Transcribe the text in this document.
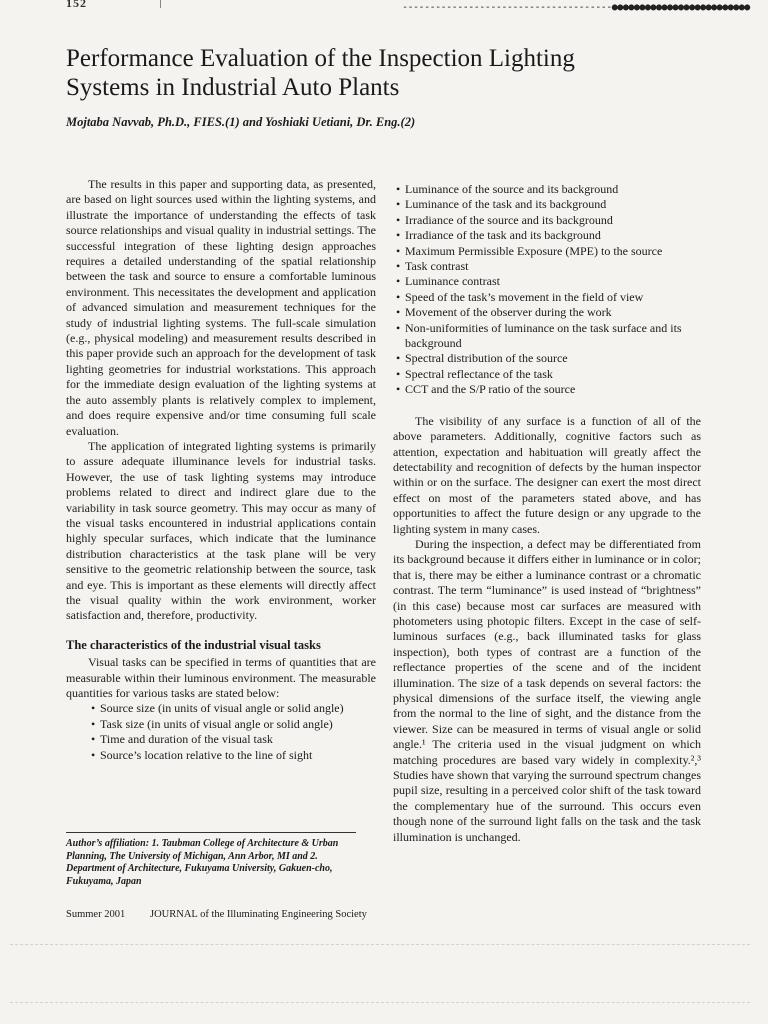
152	--------------------------------------●●●●●●●●●●●●●●●●●●●●●●●●●
Performance Evaluation of the Inspection Lighting
Systems in Industrial Auto Plants

Mojtaba Navvab, Ph.D., FIES.(1) and Yoshiaki Uetiani, Dr. Eng.(2)

The results in this paper and supporting data, as presented, are based on light sources used within the lighting systems, and illustrate the importance of understanding the effects of task source relationships and visual quality in industrial settings. The successful integration of these lighting design approaches requires a detailed understanding of the spatial relationship between the task and source to ensure a comfortable luminous environment. This necessitates the development and application of advanced simulation and measurement techniques for the study of industrial lighting systems. The full-scale simulation (e.g., physical modeling) and measurement results described in this paper provide such an approach for the development of task lighting geometries for industrial workstations. This approach for the immediate design evaluation of the lighting systems at the auto assembly plants is relatively complex to implement, and does require expensive and/or time consuming full scale evaluation.

The application of integrated lighting systems is primarily to assure adequate illuminance levels for industrial tasks. However, the use of task lighting systems may introduce problems related to direct and indirect glare due to the variability in task source geometry. This may occur as many of the visual tasks encountered in industrial applications contain highly specular surfaces, which indicate that the luminance distribution characteristics at the task plane will be very sensitive to the geometric relationship between the source, task and eye. This is important as these elements will directly affect the visual quality within the work environment, worker satisfaction and, therefore, productivity.

The characteristics of the industrial visual tasks

Visual tasks can be specified in terms of quantities that are measurable within their luminous environment. The measurable quantities for various tasks are stated below:

• Source size (in units of visual angle or solid angle)
• Task size (in units of visual angle or solid angle)
• Time and duration of the visual task
• Source’s location relative to the line of sight
• Luminance of the source and its background
• Luminance of the task and its background
• Irradiance of the source and its background
• Irradiance of the task and its background
• Maximum Permissible Exposure (MPE) to the source
• Task contrast
• Luminance contrast
• Speed of the task’s movement in the field of view
• Movement of the observer during the work
• Non-uniformities of luminance on the task surface and its background
• Spectral distribution of the source
• Spectral reflectance of the task
• CCT and the S/P ratio of the source

The visibility of any surface is a function of all of the above parameters. Additionally, cognitive factors such as attention, expectation and habituation will greatly affect the detectability and recognition of defects by the human inspector within or on the surface. The designer can exert the most direct effect on most of the parameters stated above, and has opportunities to affect the future design or any upgrade to the lighting system in many cases.

During the inspection, a defect may be differentiated from its background because it differs either in luminance or in color; that is, there may be either a luminance contrast or a chromatic contrast. The term “luminance” is used instead of “brightness” (in this case) because most car surfaces are measured with photometers using photopic filters. Except in the case of self-luminous surfaces (e.g., back illuminated tasks for glass inspection), both types of contrast are a function of the reflectance properties of the scene and of the incident illumination. The size of a task depends on several factors: the physical dimensions of the surface itself, the viewing angle from the normal to the line of sight, and the distance from the viewer. Size can be measured in terms of visual angle or solid angle.¹ The criteria used in the visual judgment on which matching procedures are based vary widely in complexity.²,³ Studies have shown that varying the surround spectrum changes pupil size, resulting in a perceived color shift of the task toward the complementary hue of the surround. This occurs even though none of the surround light falls on the task and the task illumination is unchanged.

Author’s affiliation: 1. Taubman College of Architecture & Urban Planning, The University of Michigan, Ann Arbor, MI and 2. Department of Architecture, Fukuyama University, Gakuen-cho, Fukuyama, Japan

Summer 2001 JOURNAL of the Illuminating Engineering Society
